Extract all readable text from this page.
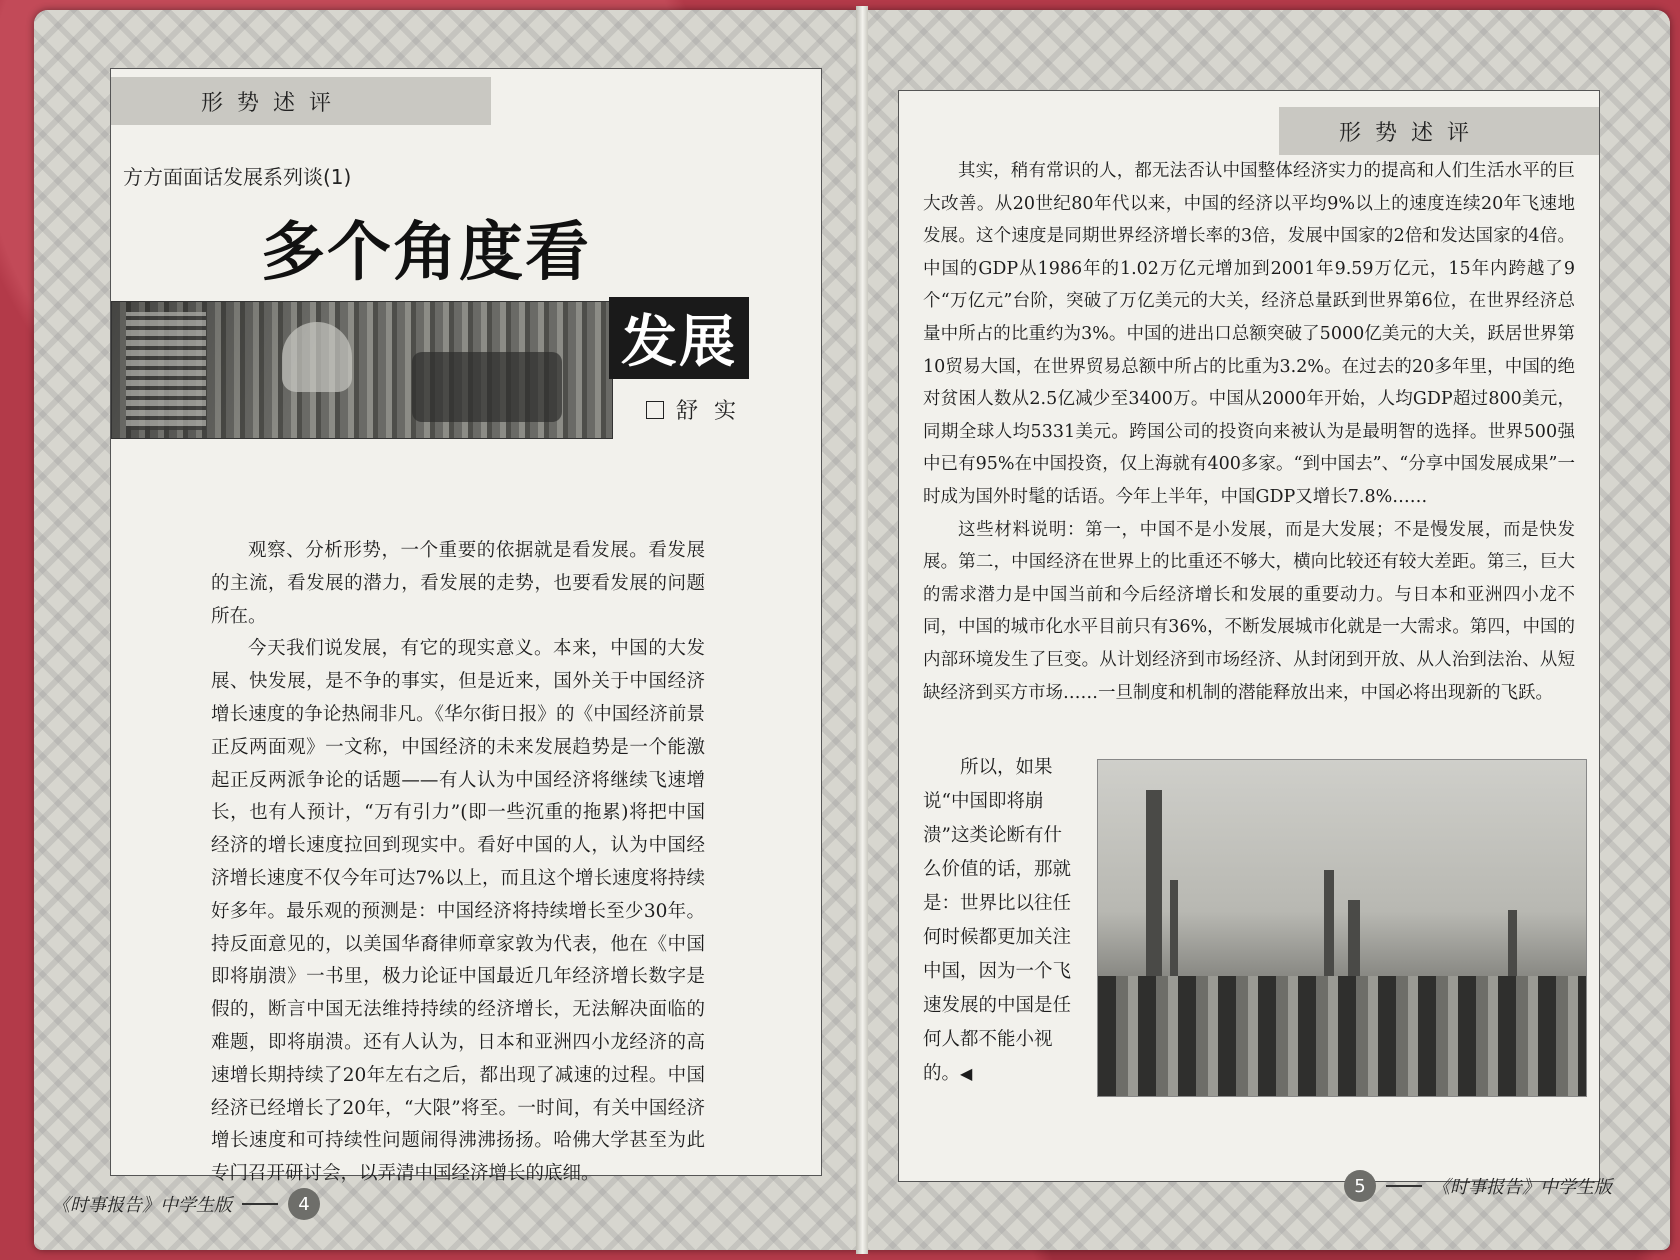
形势述评
方方面面话发展系列谈(1)
多个角度看
发展
舒实

观察、分析形势，一个重要的依据就是看发展。看发展的主流，看发展的潜力，看发展的走势，也要看发展的问题所在。

今天我们说发展，有它的现实意义。本来，中国的大发展、快发展，是不争的事实，但是近来，国外关于中国经济增长速度的争论热闹非凡。《华尔街日报》的《中国经济前景正反两面观》一文称，中国经济的未来发展趋势是一个能激起正反两派争论的话题——有人认为中国经济将继续飞速增长，也有人预计，“万有引力”(即一些沉重的拖累)将把中国经济的增长速度拉回到现实中。看好中国的人，认为中国经济增长速度不仅今年可达7%以上，而且这个增长速度将持续好多年。最乐观的预测是：中国经济将持续增长至少30年。持反面意见的，以美国华裔律师章家敦为代表，他在《中国即将崩溃》一书里，极力论证中国最近几年经济增长数字是假的，断言中国无法维持持续的经济增长，无法解决面临的难题，即将崩溃。还有人认为，日本和亚洲四小龙经济的高速增长期持续了20年左右之后，都出现了减速的过程。中国经济已经增长了20年，“大限”将至。一时间，有关中国经济增长速度和可持续性问题闹得沸沸扬扬。哈佛大学甚至为此专门召开研讨会，以弄清中国经济增长的底细。

《时事报告》中学生版	4
形势述评

其实，稍有常识的人，都无法否认中国整体经济实力的提高和人们生活水平的巨大改善。从20世纪80年代以来，中国的经济以平均9%以上的速度连续20年飞速地发展。这个速度是同期世界经济增长率的3倍，发展中国家的2倍和发达国家的4倍。中国的GDP从1986年的1.02万亿元增加到2001年9.59万亿元，15年内跨越了9个“万亿元”台阶，突破了万亿美元的大关，经济总量跃到世界第6位，在世界经济总量中所占的比重约为3%。中国的进出口总额突破了5000亿美元的大关，跃居世界第10贸易大国，在世界贸易总额中所占的比重为3.2%。在过去的20多年里，中国的绝对贫困人数从2.5亿减少至3400万。中国从2000年开始，人均GDP超过800美元，同期全球人均5331美元。跨国公司的投资向来被认为是最明智的选择。世界500强中已有95%在中国投资，仅上海就有400多家。“到中国去”、“分享中国发展成果”一时成为国外时髦的话语。今年上半年，中国GDP又增长7.8%……

这些材料说明：第一，中国不是小发展，而是大发展；不是慢发展，而是快发展。第二，中国经济在世界上的比重还不够大，横向比较还有较大差距。第三，巨大的需求潜力是中国当前和今后经济增长和发展的重要动力。与日本和亚洲四小龙不同，中国的城市化水平目前只有36%，不断发展城市化就是一大需求。第四，中国的内部环境发生了巨变。从计划经济到市场经济、从封闭到开放、从人治到法治、从短缺经济到买方市场……一旦制度和机制的潜能释放出来，中国必将出现新的飞跃。

所以，如果说“中国即将崩溃”这类论断有什么价值的话，那就是：世界比以往任何时候都更加关注中国，因为一个飞速发展的中国是任何人都不能小视的。◀

5	《时事报告》中学生版
